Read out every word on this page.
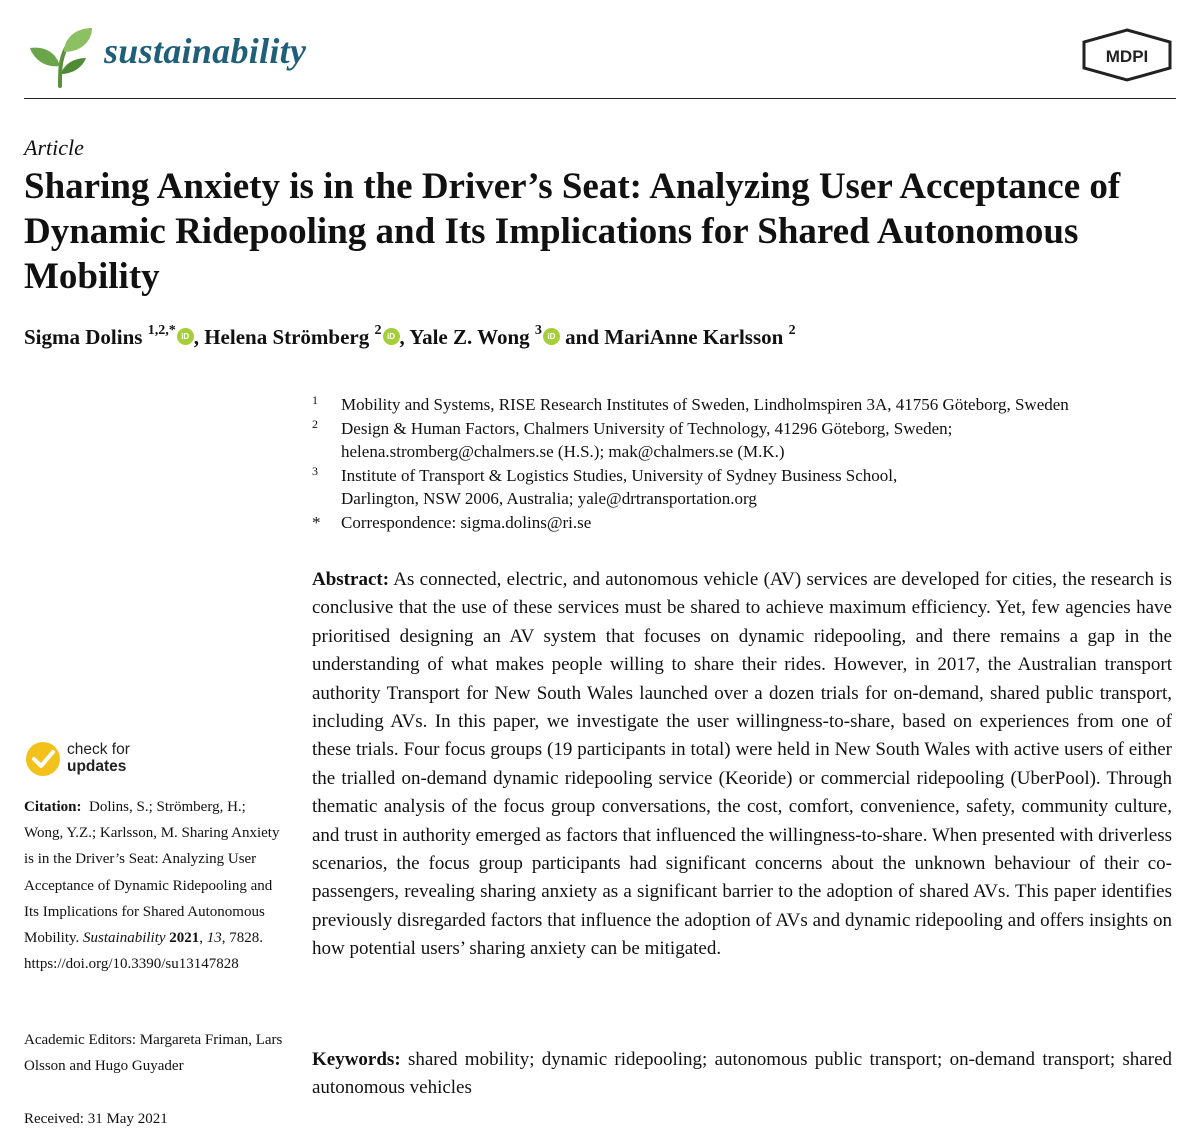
sustainability	MDPI
Article
Sharing Anxiety is in the Driver’s Seat: Analyzing User Acceptance of Dynamic Ridepooling and Its Implications for Shared Autonomous Mobility
Sigma Dolins $^{1,2,*}$ iD , Helena Strömberg $^2$ iD , Yale Z. Wong $^3$ iD and MariAnne Karlsson $^2$
1	Mobility and Systems, RISE Research Institutes of Sweden, Lindholmspiren 3A, 41756 Göteborg, Sweden
2	Design & Human Factors, Chalmers University of Technology, 41296 Göteborg, Sweden; helena.stromberg@chalmers.se (H.S.); mak@chalmers.se (M.K.)
3	Institute of Transport & Logistics Studies, University of Sydney Business School, Darlington, NSW 2006, Australia; yale@drtransportation.org
*	Correspondence: sigma.dolins@ri.se

Abstract: As connected, electric, and autonomous vehicle (AV) services are developed for cities, the research is conclusive that the use of these services must be shared to achieve maximum efficiency. Yet, few agencies have prioritised designing an AV system that focuses on dynamic ridepooling, and there remains a gap in the understanding of what makes people willing to share their rides. However, in 2017, the Australian transport authority Transport for New South Wales launched over a dozen trials for on-demand, shared public transport, including AVs. In this paper, we investigate the user willingness-to-share, based on experiences from one of these trials. Four focus groups (19 participants in total) were held in New South Wales with active users of either the trialled on-demand dynamic ridepooling service (Keoride) or commercial ridepooling (UberPool). Through thematic analysis of the focus group conversations, the cost, comfort, convenience, safety, community culture, and trust in authority emerged as factors that influenced the willingness-to-share. When presented with driverless scenarios, the focus group participants had significant concerns about the unknown behaviour of their co-passengers, revealing sharing anxiety as a significant barrier to the adoption of shared AVs. This paper identifies previously disregarded factors that influence the adoption of AVs and dynamic ridepooling and offers insights on how potential users’ sharing anxiety can be mitigated.

Keywords: shared mobility; dynamic ridepooling; autonomous public transport; on-demand transport; shared autonomous vehicles

check for
updates
Citation: Dolins, S.; Strömberg, H.; Wong, Y.Z.; Karlsson, M. Sharing Anxiety is in the Driver’s Seat: Analyzing User Acceptance of Dynamic Ridepooling and Its Implications for Shared Autonomous Mobility. Sustainability 2021, 13, 7828. https://doi.org/10.3390/su13147828
Academic Editors: Margareta Friman, Lars Olsson and Hugo Guyader
Received: 31 May 2021
